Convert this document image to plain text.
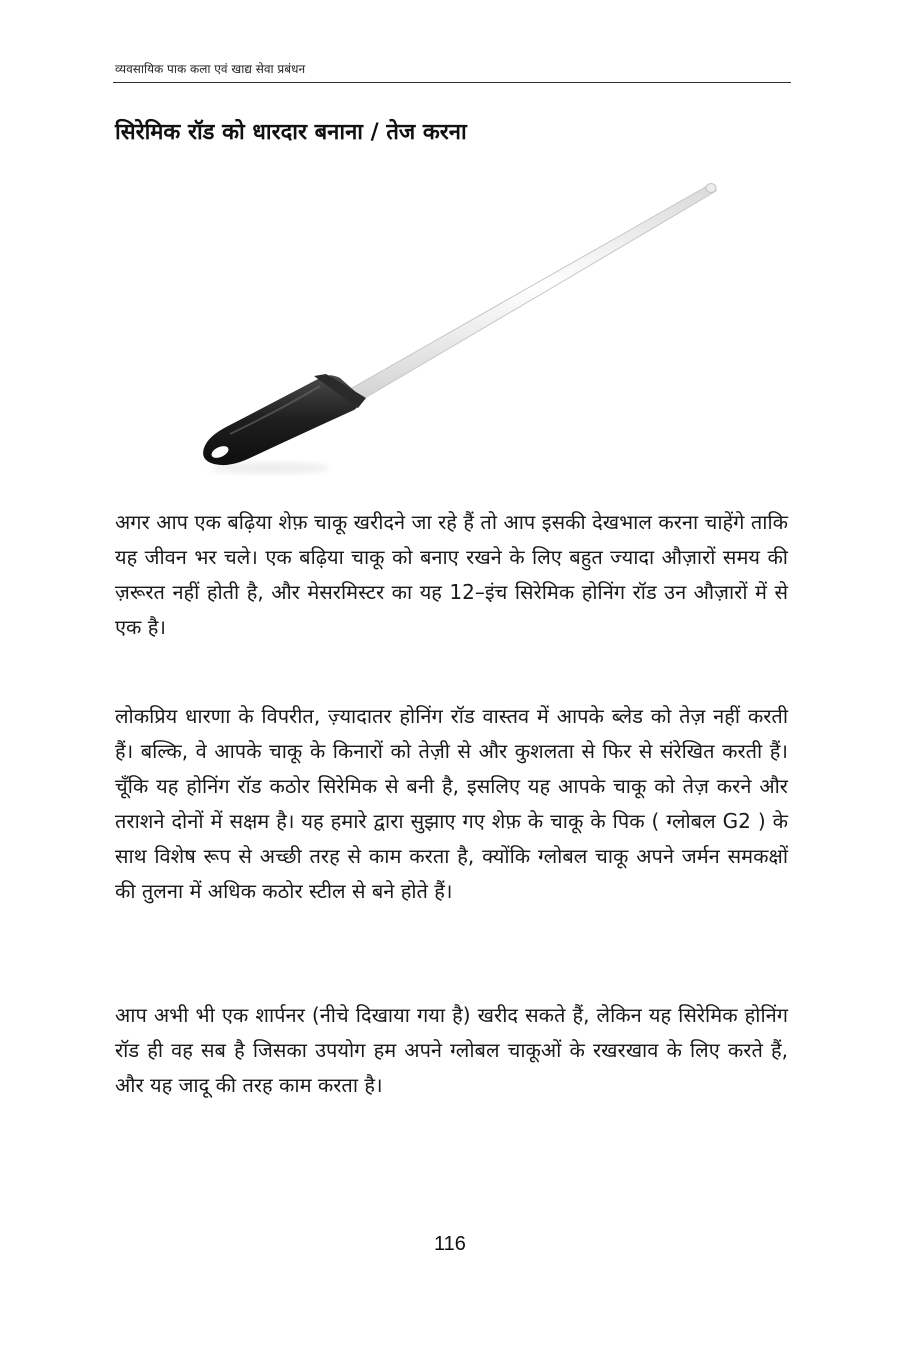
व्यवसायिक पाक कला एवं खाद्य सेवा प्रबंधन
सिरेमिक रॉड को धारदार बनाना / तेज करना

अगर आप एक बढ़िया शेफ़ चाकू खरीदने जा रहे हैं तो आप इसकी देखभाल करना चाहेंगे ताकि यह जीवन भर चले। एक बढ़िया चाकू को बनाए रखने के लिए बहुत ज्यादा औज़ारों समय की ज़रूरत नहीं होती है, और मेसरमिस्टर का यह 12–इंच सिरेमिक होनिंग रॉड उन औज़ारों में से एक है।

लोकप्रिय धारणा के विपरीत, ज़्यादातर होनिंग रॉड वास्तव में आपके ब्लेड को तेज़ नहीं करती हैं। बल्कि, वे आपके चाकू के किनारों को तेज़ी से और कुशलता से फिर से संरेखित करती हैं। चूँकि यह होनिंग रॉड कठोर सिरेमिक से बनी है, इसलिए यह आपके चाकू को तेज़ करने और तराशने दोनों में सक्षम है। यह हमारे द्वारा सुझाए गए शेफ़ के चाकू के पिक ( ग्लोबल G2 ) के साथ विशेष रूप से अच्छी तरह से काम करता है, क्योंकि ग्लोबल चाकू अपने जर्मन समकक्षों की तुलना में अधिक कठोर स्टील से बने होते हैं।

आप अभी भी एक शार्पनर (नीचे दिखाया गया है) खरीद सकते हैं, लेकिन यह सिरेमिक होनिंग रॉड ही वह सब है जिसका उपयोग हम अपने ग्लोबल चाकूओं के रखरखाव के लिए करते हैं, और यह जादू की तरह काम करता है।

116
